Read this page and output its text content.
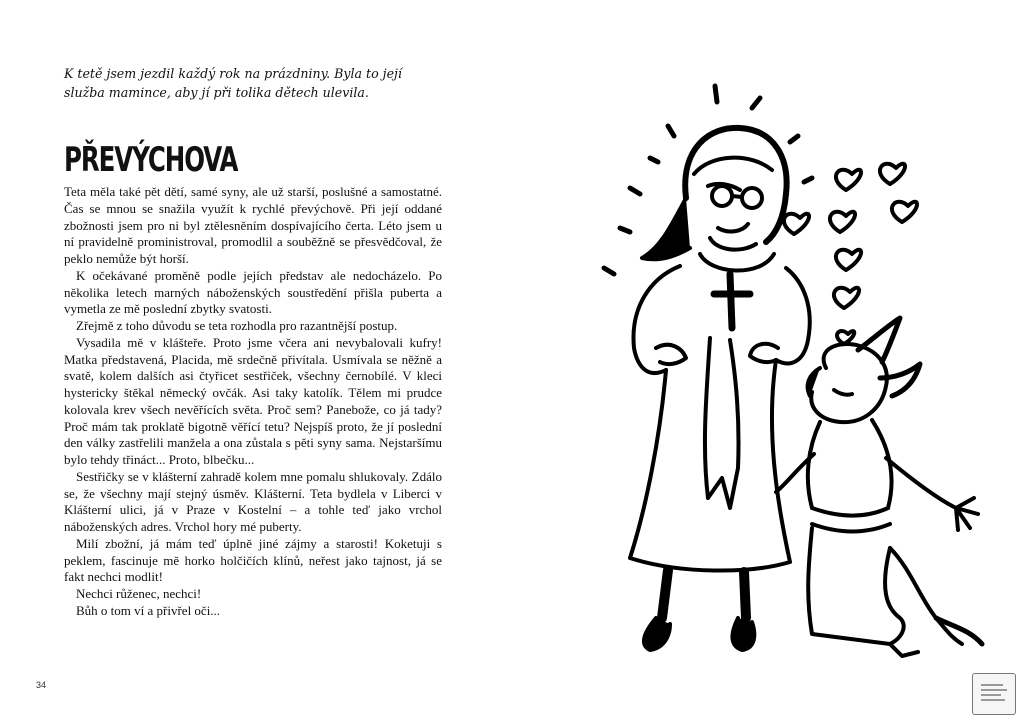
K tetě jsem jezdil každý rok na prázdniny. Byla to její služba mamince, aby jí při tolika dětech ulevila.
PŘEVÝCHOVA

Teta měla také pět dětí, samé syny, ale už starší, poslušné a samostatné. Čas se mnou se snažila využít k rychlé převýchově. Při její oddané zbožnosti jsem pro ni byl ztělesněním dospívajícího čerta. Léto jsem u ní pravidelně proministroval, promodlil a souběžně se přesvědčoval, že peklo nemůže být horší.

K očekávané proměně podle jejích představ ale nedocházelo. Po několika letech marných náboženských soustředění přišla puberta a vymetla ze mě poslední zbytky svatosti.

Zřejmě z toho důvodu se teta rozhodla pro razantnější postup.

Vysadila mě v klášteře. Proto jsme včera ani nevybalovali kufry! Matka představená, Placida, mě srdečně přivítala. Usmívala se něžně a svatě, kolem dalších asi čtyřicet sestřiček, všechny černobílé. V kleci hystericky štěkal německý ovčák. Asi taky katolík. Tělem mi prudce kolovala krev všech nevěřících světa. Proč sem? Panebože, co já tady? Proč mám tak proklatě bigotně věřící tetu? Nejspíš proto, že jí poslední den války zastřelili manžela a ona zůstala s pěti syny sama. Nejstaršímu bylo tehdy třináct... Proto, blbečku...

Sestřičky se v klášterní zahradě kolem mne pomalu shlukovaly. Zdálo se, že všechny mají stejný úsměv. Klášterní. Teta bydlela v Liberci v Klášterní ulici, já v Praze v Kostelní – a tohle teď jako vrchol náboženských adres. Vrchol hory mé puberty.

Milí zbožní, já mám teď úplně jiné zájmy a starosti! Koketuji s peklem, fascinuje mě horko holčičích klínů, neřest jako tajnost, já se fakt nechci modlit!

Nechci růženec, nechci!

Bůh o tom ví a přivřel oči...

34
